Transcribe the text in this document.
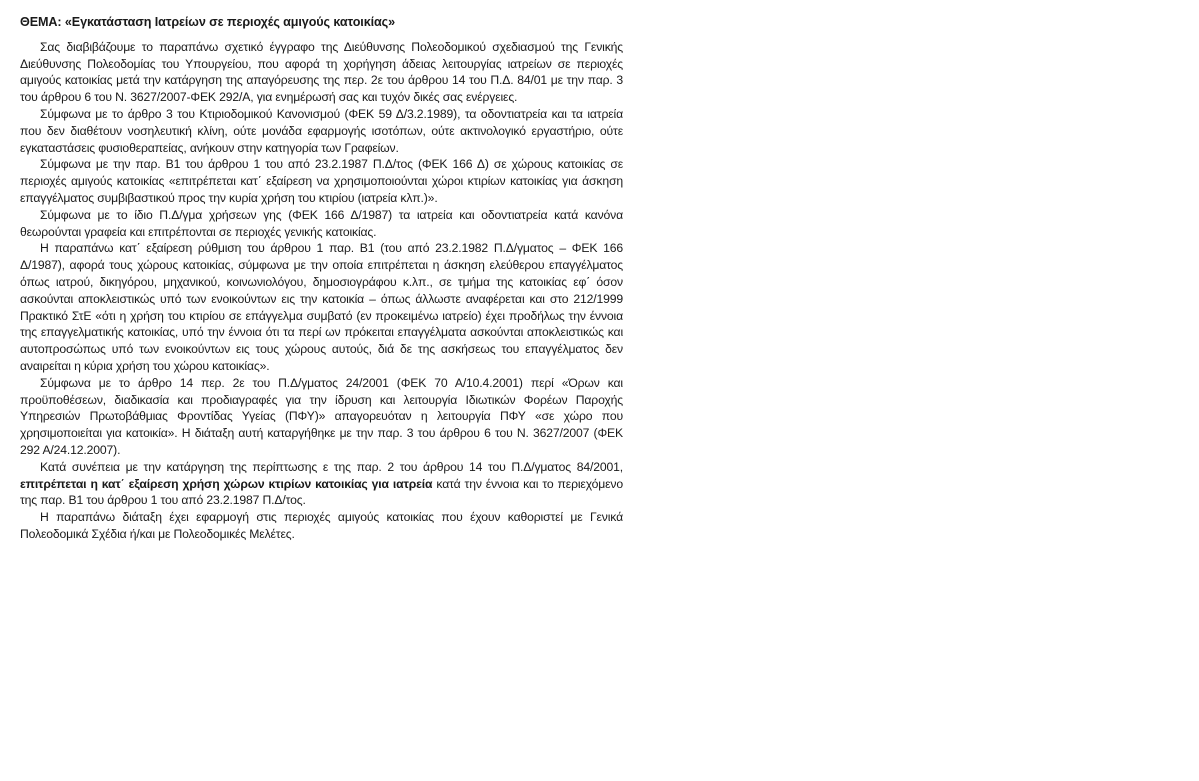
ΘΕΜΑ: «Εγκατάσταση Ιατρείων σε περιοχές αμιγούς κατοικίας»

Σας διαβιβάζουμε το παραπάνω σχετικό έγγραφο της Διεύθυνσης Πολεοδομικού σχεδιασμού της Γενικής Διεύθυνσης Πολεοδομίας του Υπουργείου, που αφορά τη χορήγηση άδειας λειτουργίας ιατρείων σε περιοχές αμιγούς κατοικίας μετά την κατάργηση της απαγόρευσης της περ. 2ε του άρθρου 14 του Π.Δ. 84/01 με την παρ. 3 του άρθρου 6 του Ν. 3627/2007-ΦΕΚ 292/Α, για ενημέρωσή σας και τυχόν δικές σας ενέργειες.

Σύμφωνα με το άρθρο 3 του Κτιριοδομικού Κανονισμού (ΦΕΚ 59 Δ/3.2.1989), τα οδοντιατρεία και τα ιατρεία που δεν διαθέτουν νοσηλευτική κλίνη, ούτε μονάδα εφαρμογής ισοτόπων, ούτε ακτινολογικό εργαστήριο, ούτε εγκαταστάσεις φυσιοθεραπείας, ανήκουν στην κατηγορία των Γραφείων.

Σύμφωνα με την παρ. Β1 του άρθρου 1 του από 23.2.1987 Π.Δ/τος (ΦΕΚ 166 Δ) σε χώρους κατοικίας σε περιοχές αμιγούς κατοικίας «επιτρέπεται κατ΄ εξαίρεση να χρησιμοποιούνται χώροι κτιρίων κατοικίας για άσκηση επαγγέλματος συμβιβαστικού προς την κυρία χρήση του κτιρίου (ιατρεία κλπ.)».

Σύμφωνα με το ίδιο Π.Δ/γμα χρήσεων γης (ΦΕΚ 166 Δ/1987) τα ιατρεία και οδοντιατρεία κατά κανόνα θεωρούνται γραφεία και επιτρέπονται σε περιοχές γενικής κατοικίας.

Η παραπάνω κατ΄ εξαίρεση ρύθμιση του άρθρου 1 παρ. Β1 (του από 23.2.1982 Π.Δ/γματος – ΦΕΚ 166 Δ/1987), αφορά τους χώρους κατοικίας, σύμφωνα με την οποία επιτρέπεται η άσκηση ελεύθερου επαγγέλματος όπως ιατρού, δικηγόρου, μηχανικού, κοινωνιολόγου, δημοσιογράφου κ.λπ., σε τμήμα της κατοικίας εφ΄ όσον ασκούνται αποκλειστικώς υπό των ενοικούντων εις την κατοικία – όπως άλλωστε αναφέρεται και στο 212/1999 Πρακτικό ΣτΕ «ότι η χρήση του κτιρίου σε επάγγελμα συμβατό (εν προκειμένω ιατρείο) έχει προδήλως την έννοια της επαγγελματικής κατοικίας, υπό την έννοια ότι τα περί ων πρόκειται επαγγέλματα ασκούνται αποκλειστικώς και αυτοπροσώπως υπό των ενοικούντων εις τους χώρους αυτούς, διά δε της ασκήσεως του επαγγέλματος δεν αναιρείται η κύρια χρήση του χώρου κατοικίας».

Σύμφωνα με το άρθρο 14 περ. 2ε του Π.Δ/γματος 24/2001 (ΦΕΚ 70 Α/10.4.2001) περί «Όρων και προϋποθέσεων, διαδικασία και προδιαγραφές για την ίδρυση και λειτουργία Ιδιωτικών Φορέων Παροχής Υπηρεσιών Πρωτοβάθμιας Φροντίδας Υγείας (ΠΦΥ)» απαγορευόταν η λειτουργία ΠΦΥ «σε χώρο που χρησιμοποιείται για κατοικία». Η διάταξη αυτή καταργήθηκε με την παρ. 3 του άρθρου 6 του Ν. 3627/2007 (ΦΕΚ 292 Α/24.12.2007).

Κατά συνέπεια με την κατάργηση της περίπτωσης ε της παρ. 2 του άρθρου 14 του Π.Δ/γματος 84/2001, επιτρέπεται η κατ΄ εξαίρεση χρήση χώρων κτιρίων κατοικίας για ιατρεία κατά την έννοια και το περιεχόμενο της παρ. Β1 του άρθρου 1 του από 23.2.1987 Π.Δ/τος.

Η παραπάνω διάταξη έχει εφαρμογή στις περιοχές αμιγούς κατοικίας που έχουν καθοριστεί με Γενικά Πολεοδομικά Σχέδια ή/και με Πολεοδομικές Μελέτες.
